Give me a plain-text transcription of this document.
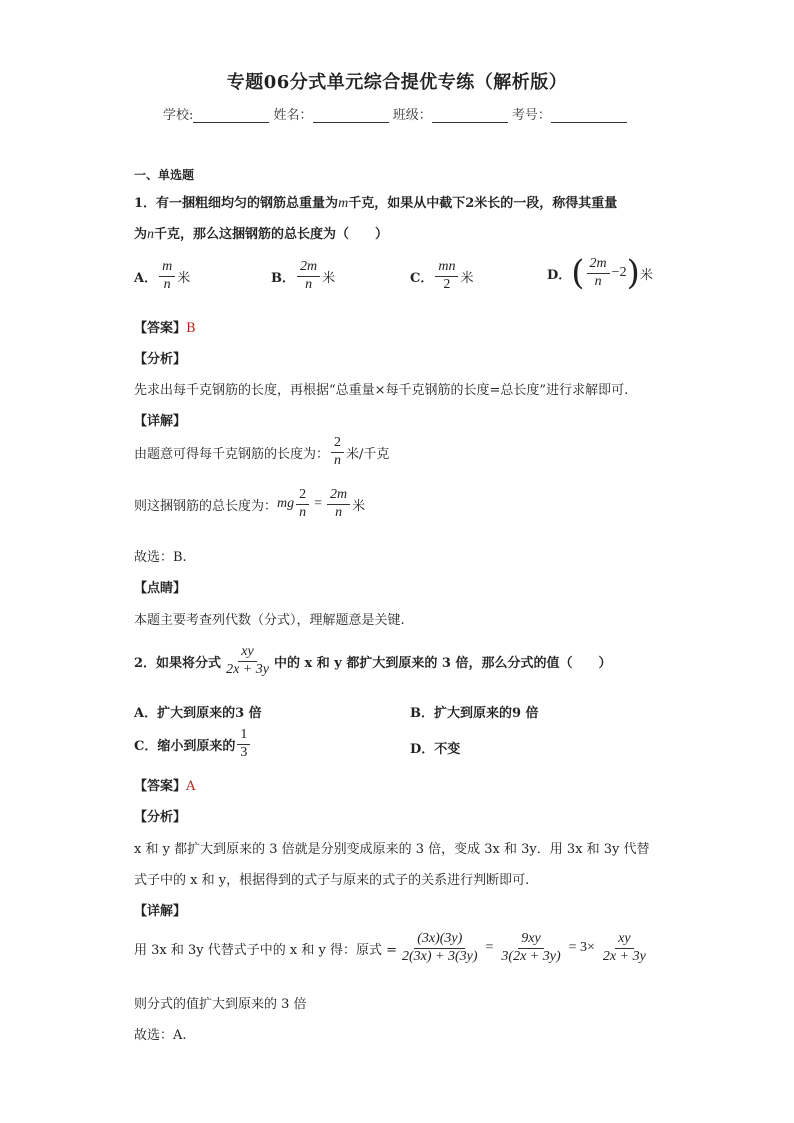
专题06分式单元综合提优专练（解析版）
学校:	姓名：	班级：	考号：
一、单选题
1．有一捆粗细均匀的钢筋总重量为m千克，如果从中截下2米长的一段，称得其重量
为n千克，那么这捆钢筋的总长度为（　　）
A． $\frac{m}{n}$ 米	B． $\frac{2m}{n}$ 米	C． $\frac{mn}{2}$ 米	D． ( $\frac{2m}{n} -2$ ) 米
【答案】B
【分析】
先求出每千克钢筋的长度，再根据“总重量×每千克钢筋的长度=总长度”进行求解即可.
【详解】
由题意可得每千克钢筋的长度为： $\frac{2}{n}$ 米/千克
则这捆钢筋的总长度为： mg $\frac{2}{n} = \frac{2m}{n}$ 米
故选：B.
【点睛】
本题主要考查列代数（分式），理解题意是关键.
2． 如果将分式 $\frac{xy}{2x + 3y}$ 中的 x 和 y 都扩大到原来的 3 倍，那么分式的值（　　）
A．扩大到原来的3 倍	B．扩大到原来的9 倍
C．缩小到原来的 $\frac{1}{3}$	D．不变
【答案】A
【分析】
x 和 y 都扩大到原来的 3 倍就是分别变成原来的 3 倍，变成 3x 和 3y．用 3x 和 3y 代替
式子中的 x 和 y，根据得到的式子与原来的式子的关系进行判断即可.
【详解】
用 3x 和 3y 代替式子中的 x 和 y 得：原式 = $\frac{(3x)(3y)}{2(3x) + 3(3y)} = \frac{9xy}{3(2x + 3y)} = 3\times \frac{xy}{2x + 3y}$
则分式的值扩大到原来的 3 倍
故选：A.
